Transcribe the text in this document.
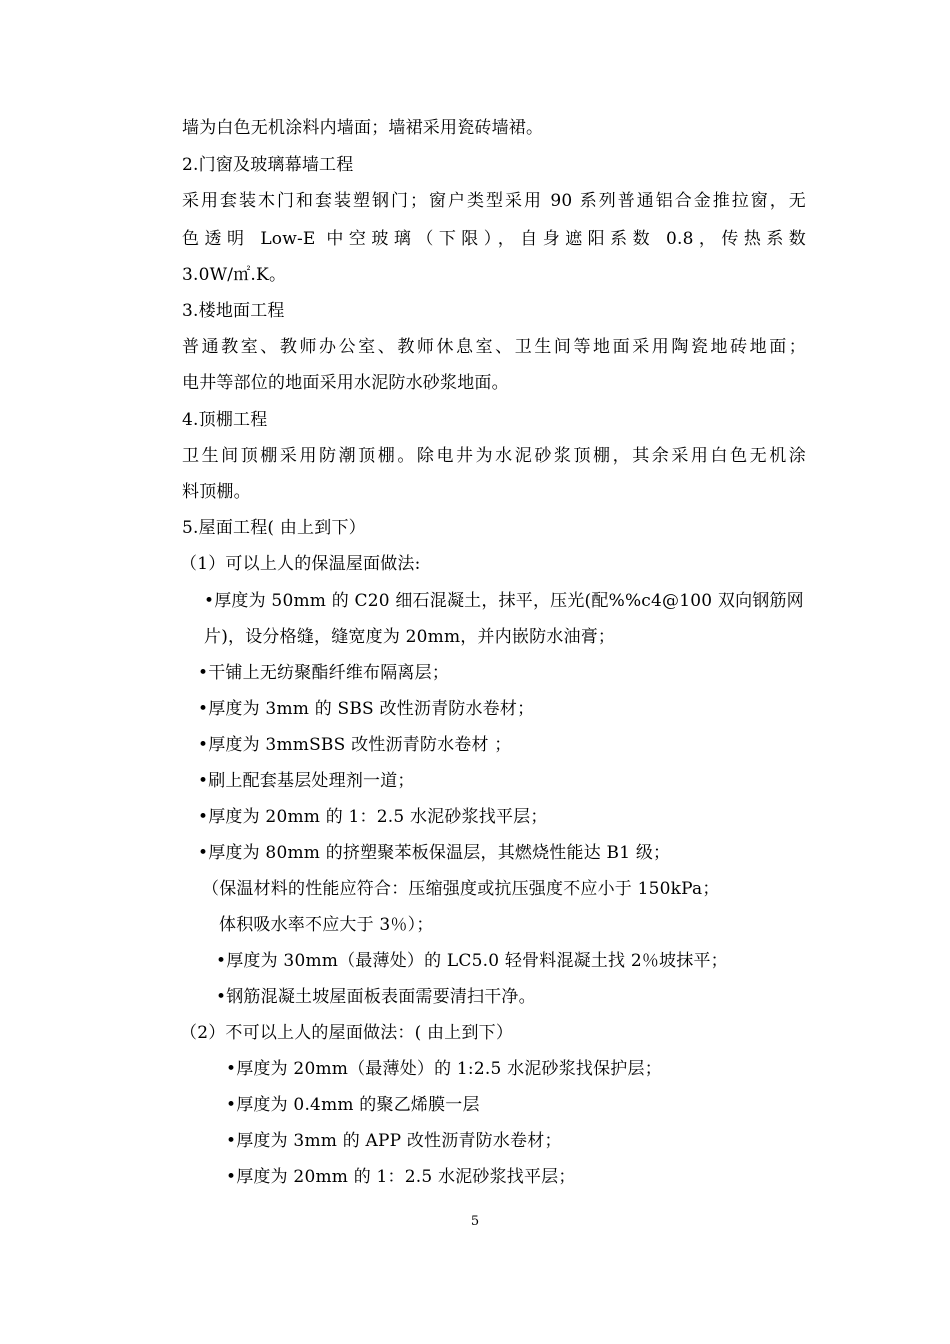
墙为白色无机涂料内墙面；墙裙采用瓷砖墙裙。
2.门窗及玻璃幕墙工程
采用套装木门和套装塑钢门；窗户类型采用 90 系列普通铝合金推拉窗，无
色透明 Low-E 中空玻璃（下限），自身遮阳系数 0.8，传热系数
3.0W/㎡.K。
3.楼地面工程
普通教室、教师办公室、教师休息室、卫生间等地面采用陶瓷地砖地面；
电井等部位的地面采用水泥防水砂浆地面。
4.顶棚工程
卫生间顶棚采用防潮顶棚。除电井为水泥砂浆顶棚，其余采用白色无机涂
料顶棚。
5.屋面工程( 由上到下）
（1）可以上人的保温屋面做法:
•厚度为 50mm 的 C20 细石混凝土，抹平，压光(配%%c4@100 双向钢筋网
片)，设分格缝，缝宽度为 20mm，并内嵌防水油膏；
•干铺上无纺聚酯纤维布隔离层；
•厚度为 3mm 的 SBS 改性沥青防水卷材；
•厚度为 3mmSBS 改性沥青防水卷材 ；
•刷上配套基层处理剂一道；
•厚度为 20mm 的 1：2.5 水泥砂浆找平层；
•厚度为 80mm 的挤塑聚苯板保温层，其燃烧性能达 B1 级；
（保温材料的性能应符合：压缩强度或抗压强度不应小于 150kPa；
体积吸水率不应大于 3％）；
•厚度为 30mm（最薄处）的 LC5.0 轻骨料混凝土找 2％坡抹平；
•钢筋混凝土坡屋面板表面需要清扫干净。
（2）不可以上人的屋面做法：( 由上到下）
•厚度为 20mm（最薄处）的 1:2.5 水泥砂浆找保护层；
•厚度为 0.4mm 的聚乙烯膜一层
•厚度为 3mm 的 APP 改性沥青防水卷材；
•厚度为 20mm 的 1：2.5 水泥砂浆找平层；
5
